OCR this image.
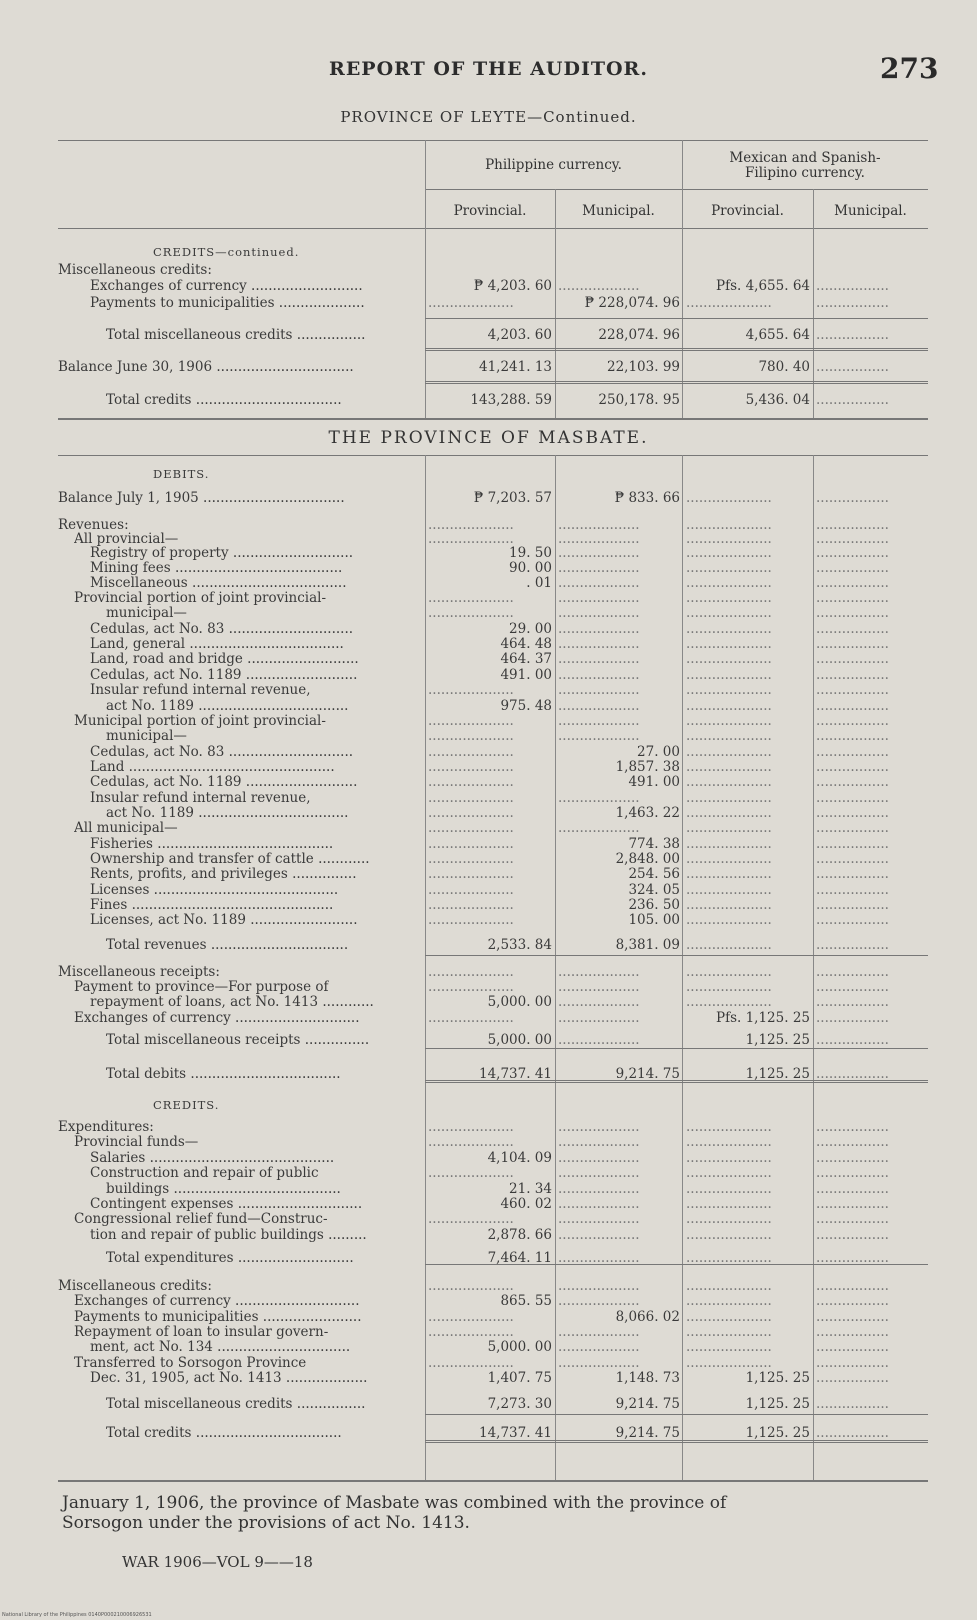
REPORT OF THE AUDITOR.	273
PROVINCE OF LEYTE—Continued.
Philippine currency.	Mexican and Spanish-
Filipino currency.
Provincial.	Municipal.	Provincial.	Municipal.
THE PROVINCE OF MASBATE.
CREDITS—continued.
Miscellaneous credits:
Exchanges of currency ..........................	₱ 4,203. 60 ...................	Pfs. 4,655. 64 .................
Payments to municipalities ....................	....................	₱ 228,074. 96 ....................	.................
Total miscellaneous credits ................	4,203. 60	228,074. 96	4,655. 64 .................
Balance June 30, 1906 ................................	41,241. 13	22,103. 99	780. 40 .................
Total credits ..................................	143,288. 59	250,178. 95	5,436. 04 .................
DEBITS.
Balance July 1, 1905 .................................	₱ 7,203. 57	₱ 833. 66 ....................	.................
Revenues:	....................	...................	....................	.................
All provincial—	....................	...................	....................	.................
Registry of property ............................	19. 50 ...................	....................	.................
Mining fees .......................................	90. 00 ...................	....................	.................
Miscellaneous ....................................	. 01 ...................	....................	.................
Provincial portion of joint provincial-	....................	...................	....................	.................
municipal—	....................	...................	....................	.................
Cedulas, act No. 83 .............................	29. 00 ...................	....................	.................
Land, general ....................................	464. 48 ...................	....................	.................
Land, road and bridge ..........................	464. 37 ...................	....................	.................
Cedulas, act No. 1189 ..........................	491. 00 ...................	....................	.................
Insular refund internal revenue,	....................	...................	....................	.................
act No. 1189 ...................................	975. 48 ...................	....................	.................
Municipal portion of joint provincial-	....................	...................	....................	.................
municipal—	....................	...................	....................	.................
Cedulas, act No. 83 .............................	....................	27. 00 ....................	.................
Land ................................................	....................	1,857. 38 ....................	.................
Cedulas, act No. 1189 ..........................	....................	491. 00 ....................	.................
Insular refund internal revenue,	....................	...................	....................	.................
act No. 1189 ...................................	....................	1,463. 22 ....................	.................
All municipal—	....................	...................	....................	.................
Fisheries .........................................	....................	774. 38 ....................	.................
Ownership and transfer of cattle ............	....................	2,848. 00 ....................	.................
Rents, profits, and privileges ...............	....................	254. 56 ....................	.................
Licenses ...........................................	....................	324. 05 ....................	.................
Fines ...............................................	....................	236. 50 ....................	.................
Licenses, act No. 1189 .........................	....................	105. 00 ....................	.................
Total revenues ................................	2,533. 84	8,381. 09 ....................	.................
Miscellaneous receipts:	....................	...................	....................	.................
Payment to province—For purpose of	....................	...................	....................	.................
repayment of loans, act No. 1413 ............	5,000. 00 ...................	....................	.................
Exchanges of currency .............................	....................	...................	Pfs. 1,125. 25 .................
Total miscellaneous receipts ...............	5,000. 00 ...................	1,125. 25 .................
Total debits ...................................	14,737. 41	9,214. 75	1,125. 25 .................
CREDITS.
Expenditures:	....................	...................	....................	.................
Provincial funds—	....................	...................	....................	.................
Salaries ...........................................	4,104. 09 ...................	....................	.................
Construction and repair of public	....................	...................	....................	.................
buildings .......................................	21. 34 ...................	....................	.................
Contingent expenses .............................	460. 02 ...................	....................	.................
Congressional relief fund—Construc-	....................	...................	....................	.................
tion and repair of public buildings .........	2,878. 66 ...................	....................	.................
Total expenditures ...........................	7,464. 11 ...................	....................	.................
Miscellaneous credits:	....................	...................	....................	.................
Exchanges of currency .............................	865. 55 ...................	....................	.................
Payments to municipalities .......................	....................	8,066. 02 ....................	.................
Repayment of loan to insular govern-	....................	...................	....................	.................
ment, act No. 134 ...............................	5,000. 00 ...................	....................	.................
Transferred to Sorsogon Province	....................	...................	....................	.................
Dec. 31, 1905, act No. 1413 ...................	1,407. 75	1,148. 73	1,125. 25 .................
Total miscellaneous credits ................	7,273. 30	9,214. 75	1,125. 25 .................
Total credits ..................................	14,737. 41	9,214. 75	1,125. 25 .................
January 1, 1906, the province of Masbate was combined with the province of
Sorsogon under the provisions of act No. 1413.
WAR 1906—VOL 9——18
National Library of the Philippines 0140P000210006926531
